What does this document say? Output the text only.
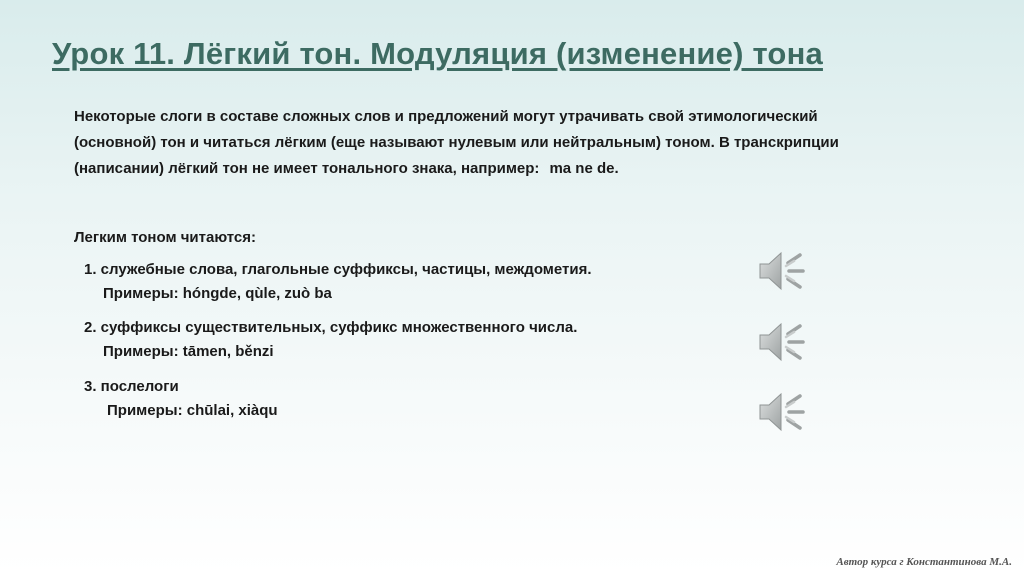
Урок 11. Лёгкий тон. Модуляция (изменение) тона
Некоторые слоги в составе сложных слов и предложений могут утрачивать свой этимологический (основной) тон и читаться лёгким (еще называют нулевым или нейтральным) тоном. В транскрипции (написании) лёгкий тон не имеет тонального знака, например: ma ne de.
Легким тоном читаются:
1. служебные слова, глагольные суффиксы, частицы, междометия.
Примеры: hóngde, qùle, zuò ba
2. суффиксы существительных, суффикс множественного числа.
Примеры: tāmen, běnzi
3. послелоги
Примеры: chūlai, xiàqu
Автор курса г Константинова М.А.
